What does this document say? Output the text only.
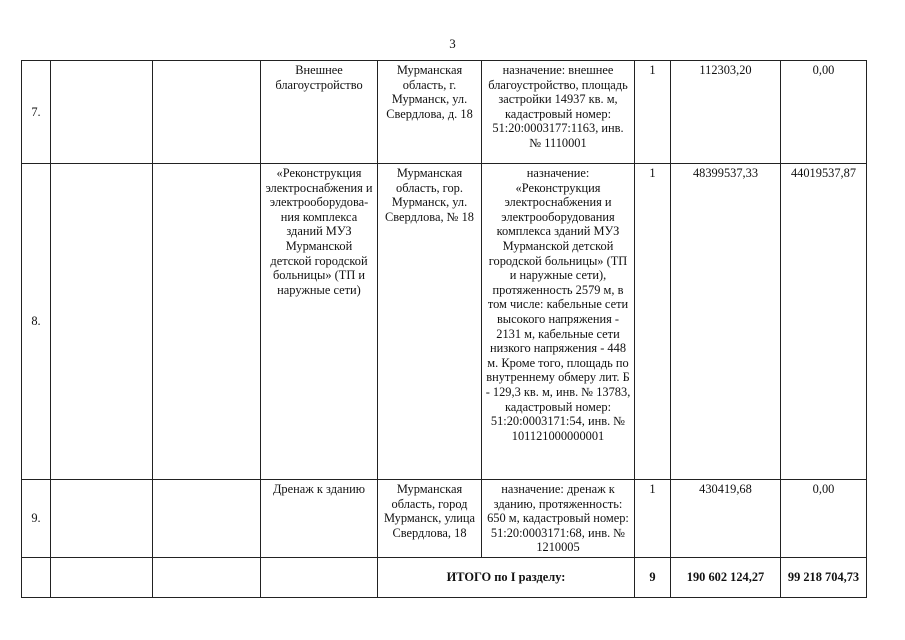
3
7.			Внешнее благоустройство	Мурманская область, г. Мурманск, ул. Свердлова, д. 18	назначение: внешнее благоустройство, площадь застройки 14937 кв. м, кадастровый номер: 51:20:0003177:1163, инв. № 1110001	1	112303,20	0,00
8.			«Реконструкция электроснабжения и электрооборудова-ния комплекса зданий МУЗ Мурманской детской городской больницы» (ТП и наружные сети)	Мурманская область, гор. Мурманск, ул. Свердлова, № 18	назначение: «Реконструкция электроснабжения и электрооборудования комплекса зданий МУЗ Мурманской детской городской больницы» (ТП и наружные сети), протяженность 2579 м, в том числе: кабельные сети высокого напряжения - 2131 м, кабельные сети низкого напряжения - 448 м. Кроме того, площадь по внутреннему обмеру лит. Б - 129,3 кв. м, инв. № 13783, кадастровый номер: 51:20:0003171:54, инв. № 101121000000001	1	48399537,33	44019537,87
9.			Дренаж к зданию	Мурманская область, город Мурманск, улица Свердлова, 18	назначение: дренаж к зданию, протяженность: 650 м, кадастровый номер: 51:20:0003171:68, инв. № 1210005	1	430419,68	0,00
				ИТОГО по I разделу:		9	190 602 124,27	99 218 704,73
